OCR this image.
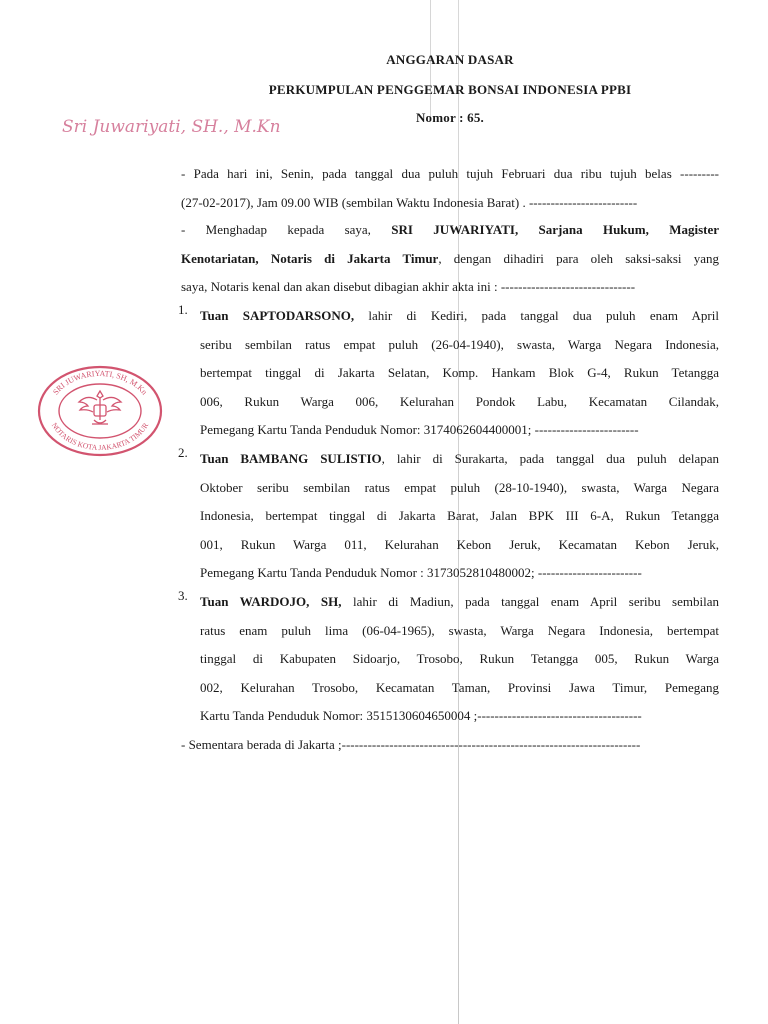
ANGGARAN DASAR
PERKUMPULAN PENGGEMAR BONSAI INDONESIA PPBI
Nomor : 65.
Sri Juwariyati, SH., M.Kn
- Pada hari ini, Senin, pada tanggal dua puluh tujuh Februari dua ribu tujuh belas ---------
(27-02-2017), Jam 09.00 WIB (sembilan Waktu Indonesia Barat) . -------------------------
- Menghadap kepada saya, SRI JUWARIYATI, Sarjana Hukum, Magister
Kenotariatan, Notaris di Jakarta Timur, dengan dihadiri para oleh saksi-saksi yang
saya, Notaris kenal dan akan disebut dibagian akhir akta ini : -------------------------------
1. Tuan SAPTODARSONO, lahir di Kediri, pada tanggal dua puluh enam April
seribu sembilan ratus empat puluh (26-04-1940), swasta, Warga Negara Indonesia,
bertempat tinggal di Jakarta Selatan, Komp. Hankam Blok G-4, Rukun Tetangga
006, Rukun Warga 006, Kelurahan Pondok Labu, Kecamatan Cilandak,
Pemegang Kartu Tanda Penduduk Nomor: 3174062604400001; ------------------------
2. Tuan BAMBANG SULISTIO, lahir di Surakarta, pada tanggal dua puluh delapan
Oktober seribu sembilan ratus empat puluh (28-10-1940), swasta, Warga Negara
Indonesia, bertempat tinggal di Jakarta Barat, Jalan BPK III 6-A, Rukun Tetangga
001, Rukun Warga 011, Kelurahan Kebon Jeruk, Kecamatan Kebon Jeruk,
Pemegang Kartu Tanda Penduduk Nomor : 3173052810480002; ------------------------
3. Tuan WARDOJO, SH, lahir di Madiun, pada tanggal enam April seribu sembilan
ratus enam puluh lima (06-04-1965), swasta, Warga Negara Indonesia, bertempat
tinggal di Kabupaten Sidoarjo, Trosobo, Rukun Tetangga 005, Rukun Warga
002, Kelurahan Trosobo, Kecamatan Taman, Provinsi Jawa Timur, Pemegang
Kartu Tanda Penduduk Nomor: 3515130604650004 ;--------------------------------------
- Sementara berada di Jakarta ;---------------------------------------------------------------------
SRI JUWARIYATI, SH, M.Kn
NOTARIS KOTA JAKARTA TIMUR
